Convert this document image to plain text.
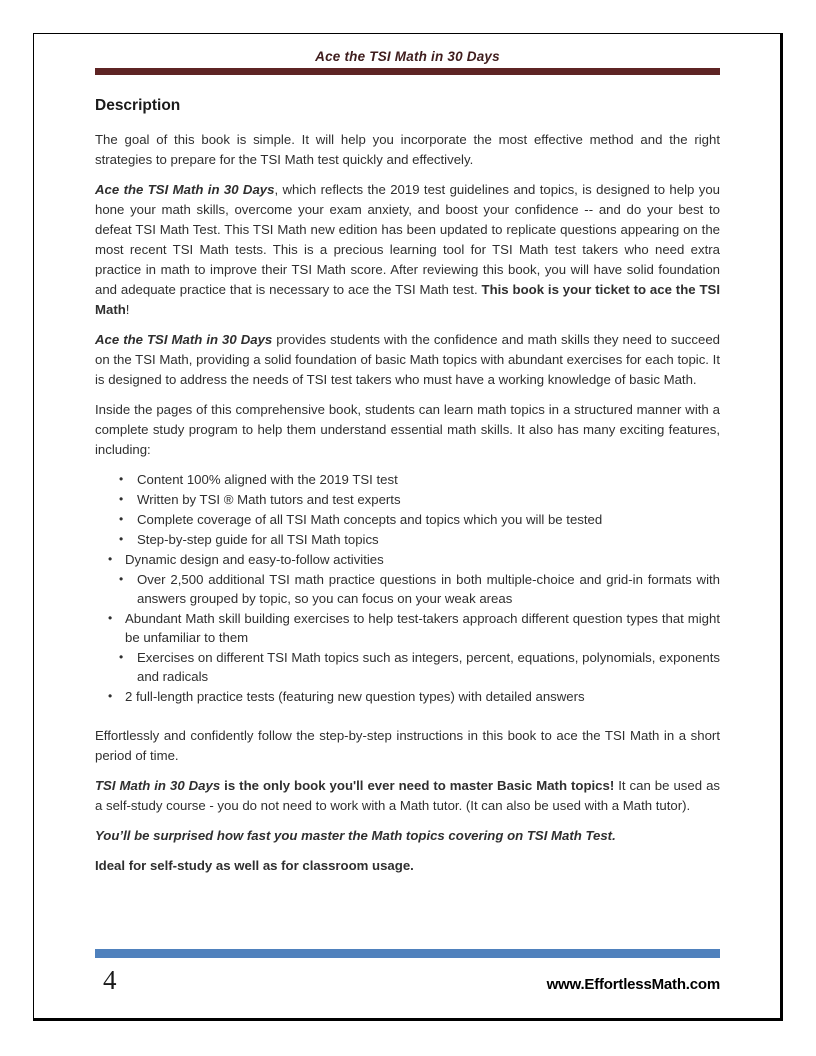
Ace the TSI Math in 30 Days
Description

The goal of this book is simple. It will help you incorporate the most effective method and the right strategies to prepare for the TSI Math test quickly and effectively.

Ace the TSI Math in 30 Days, which reflects the 2019 test guidelines and topics, is designed to help you hone your math skills, overcome your exam anxiety, and boost your confidence -- and do your best to defeat TSI Math Test. This TSI Math new edition has been updated to replicate questions appearing on the most recent TSI Math tests. This is a precious learning tool for TSI Math test takers who need extra practice in math to improve their TSI Math score. After reviewing this book, you will have solid foundation and adequate practice that is necessary to ace the TSI Math test. This book is your ticket to ace the TSI Math!

Ace the TSI Math in 30 Days provides students with the confidence and math skills they need to succeed on the TSI Math, providing a solid foundation of basic Math topics with abundant exercises for each topic. It is designed to address the needs of TSI test takers who must have a working knowledge of basic Math.

Inside the pages of this comprehensive book, students can learn math topics in a structured manner with a complete study program to help them understand essential math skills. It also has many exciting features, including:

• Content 100% aligned with the 2019 TSI test
• Written by TSI ® Math tutors and test experts
• Complete coverage of all TSI Math concepts and topics which you will be tested
• Step-by-step guide for all TSI Math topics
• Dynamic design and easy-to-follow activities
• Over 2,500 additional TSI math practice questions in both multiple-choice and grid-in formats with answers grouped by topic, so you can focus on your weak areas
• Abundant Math skill building exercises to help test-takers approach different question types that might be unfamiliar to them
• Exercises on different TSI Math topics such as integers, percent, equations, polynomials, exponents and radicals
• 2 full-length practice tests (featuring new question types) with detailed answers

Effortlessly and confidently follow the step-by-step instructions in this book to ace the TSI Math in a short period of time.

TSI Math in 30 Days is the only book you'll ever need to master Basic Math topics! It can be used as a self-study course - you do not need to work with a Math tutor. (It can also be used with a Math tutor).

You’ll be surprised how fast you master the Math topics covering on TSI Math Test.

Ideal for self-study as well as for classroom usage.

4	www.EffortlessMath.com
